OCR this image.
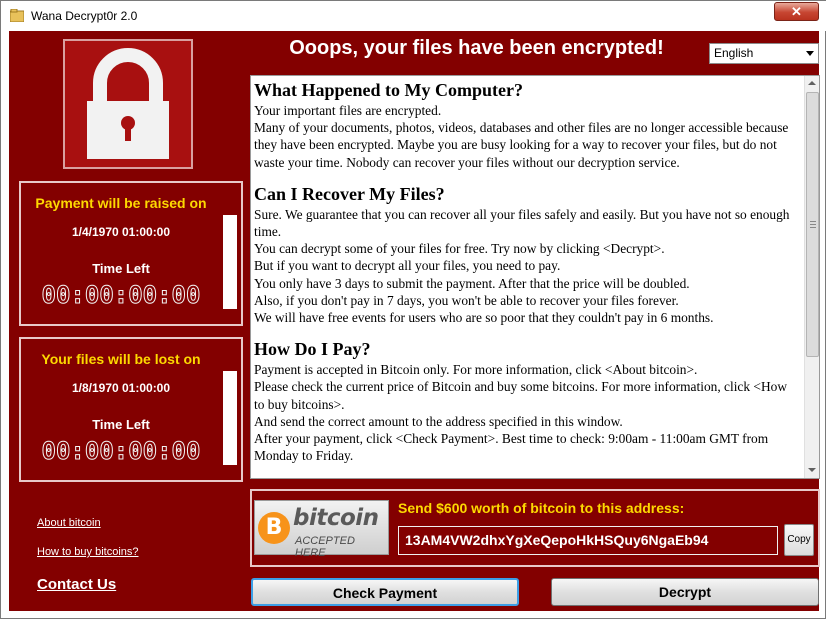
Wana Decrypt0r 2.0	✕
Payment will be raised on
1/4/1970 01:00:00
Time Left
00:00:00:00
Your files will be lost on
1/8/1970 01:00:00
Time Left
00:00:00:00
About bitcoin
How to buy bitcoins?
Contact Us
Ooops, your files have been encrypted!	English
What Happened to My Computer?
Your important files are encrypted.
Many of your documents, photos, videos, databases and other files are no longer accessible because they have been encrypted. Maybe you are busy looking for a way to recover your files, but do not waste your time. Nobody can recover your files without our decryption service.
Can I Recover My Files?
Sure. We guarantee that you can recover all your files safely and easily. But you have not so enough time.
You can decrypt some of your files for free. Try now by clicking <Decrypt>.
But if you want to decrypt all your files, you need to pay.
You only have 3 days to submit the payment. After that the price will be doubled.
Also, if you don't pay in 7 days, you won't be able to recover your files forever.
We will have free events for users who are so poor that they couldn't pay in 6 months.
How Do I Pay?
Payment is accepted in Bitcoin only. For more information, click <About bitcoin>.
Please check the current price of Bitcoin and buy some bitcoins. For more information, click <How to buy bitcoins>.
And send the correct amount to the address specified in this window.
After your payment, click <Check Payment>. Best time to check: 9:00am - 11:00am GMT from Monday to Friday.
B bitcoin
ACCEPTED HERE
Send $600 worth of bitcoin to this address:
13AM4VW2dhxYgXeQepoHkHSQuy6NgaEb94	Copy
Check Payment	Decrypt
